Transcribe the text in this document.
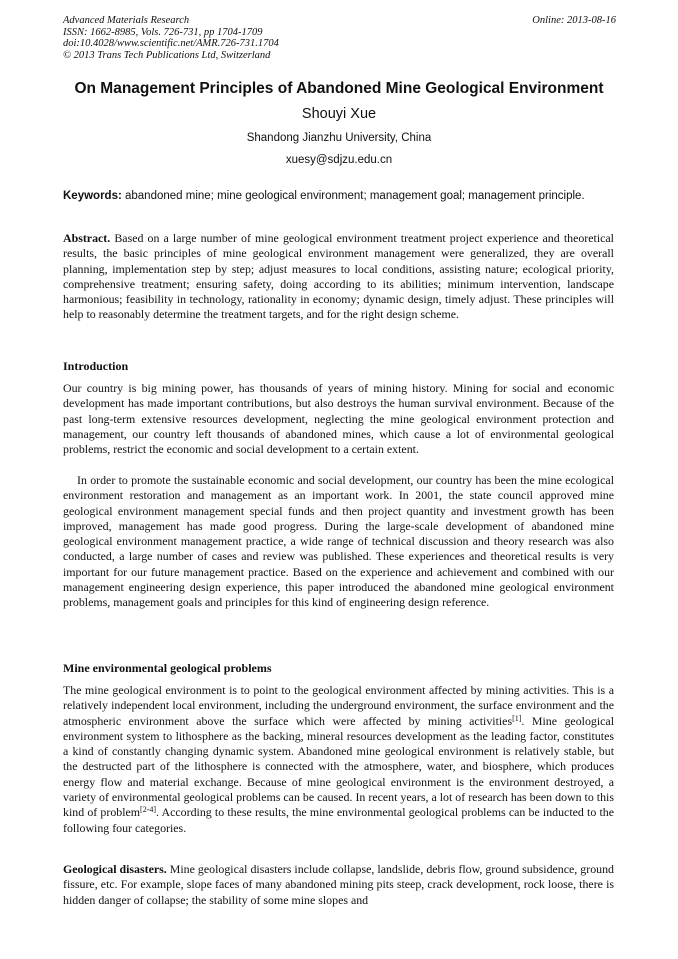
Advanced Materials Research
ISSN: 1662-8985, Vols. 726-731, pp 1704-1709
doi:10.4028/www.scientific.net/AMR.726-731.1704
© 2013 Trans Tech Publications Ltd, Switzerland
Online: 2013-08-16
On Management Principles of Abandoned Mine Geological Environment
Shouyi Xue
Shandong Jianzhu University, China
xuesy@sdjzu.edu.cn
Keywords: abandoned mine; mine geological environment; management goal; management principle.

Abstract. Based on a large number of mine geological environment treatment project experience and theoretical results, the basic principles of mine geological environment management were generalized, they are overall planning, implementation step by step; adjust measures to local conditions, assisting nature; ecological priority, comprehensive treatment; ensuring safety, doing according to its abilities; minimum intervention, landscape harmonious; feasibility in technology, rationality in economy; dynamic design, timely adjust. These principles will help to reasonably determine the treatment targets, and for the right design scheme.

Introduction

Our country is big mining power, has thousands of years of mining history. Mining for social and economic development has made important contributions, but also destroys the human survival environment. Because of the past long-term extensive resources development, neglecting the mine geological environment protection and management, our country left thousands of abandoned mines, which cause a lot of environmental geological problems, restrict the economic and social development to a certain extent.

In order to promote the sustainable economic and social development, our country has been the mine ecological environment restoration and management as an important work. In 2001, the state council approved mine geological environment management special funds and then project quantity and investment growth has been improved, management has made good progress. During the large-scale development of abandoned mine geological environment management practice, a wide range of technical discussion and theory research was also conducted, a large number of cases and review was published. These experiences and theoretical results is very important for our future management practice. Based on the experience and achievement and combined with our management engineering design experience, this paper introduced the abandoned mine geological environment problems, management goals and principles for this kind of engineering design reference.

Mine environmental geological problems

The mine geological environment is to point to the geological environment affected by mining activities. This is a relatively independent local environment, including the underground environment, the surface environment and the atmospheric environment above the surface which were affected by mining activities[1]. Mine geological environment system to lithosphere as the backing, mineral resources development as the leading factor, constitutes a kind of constantly changing dynamic system. Abandoned mine geological environment is relatively stable, but the destructed part of the lithosphere is connected with the atmosphere, water, and biosphere, which produces energy flow and material exchange. Because of mine geological environment is the environment destroyed, a variety of environmental geological problems can be caused. In recent years, a lot of research has been down to this kind of problem[2-4]. According to these results, the mine environmental geological problems can be inducted to the following four categories.

Geological disasters. Mine geological disasters include collapse, landslide, debris flow, ground subsidence, ground fissure, etc. For example, slope faces of many abandoned mining pits steep, crack development, rock loose, there is hidden danger of collapse; the stability of some mine slopes and
